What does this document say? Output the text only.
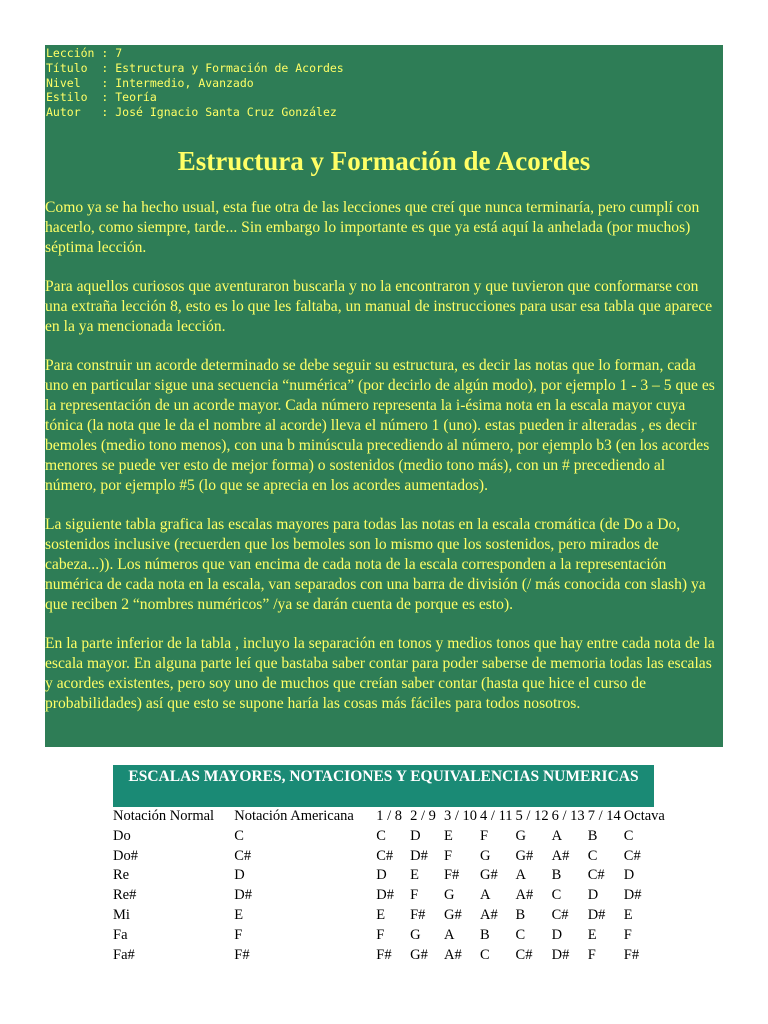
Lección : 7
Título  : Estructura y Formación de Acordes
Nivel   : Intermedio, Avanzado
Estilo  : Teoría
Autor   : José Ignacio Santa Cruz González
Estructura y Formación de Acordes

Como ya se ha hecho usual, esta fue otra de las lecciones que creí que nunca terminaría, pero cumplí con hacerlo, como siempre, tarde... Sin embargo lo importante es que ya está aquí la anhelada (por muchos) séptima lección.

Para aquellos curiosos que aventuraron buscarla y no la encontraron y que tuvieron que conformarse con una extraña lección 8, esto es lo que les faltaba, un manual de instrucciones para usar esa tabla que aparece en la ya mencionada lección.

Para construir un acorde determinado se debe seguir su estructura, es decir las notas que lo forman, cada uno en particular sigue una secuencia “numérica” (por decirlo de algún modo), por ejemplo 1 - 3 – 5 que es la representación de un acorde mayor. Cada número representa la i-ésima nota en la escala mayor cuya tónica (la nota que le da el nombre al acorde) lleva el número 1 (uno). estas pueden ir alteradas , es decir bemoles (medio tono menos), con una b minúscula precediendo al número, por ejemplo b3 (en los acordes menores se puede ver esto de mejor forma) o sostenidos (medio tono más), con un # precediendo al número, por ejemplo #5 (lo que se aprecia en los acordes aumentados).

La siguiente tabla grafica las escalas mayores para todas las notas en la escala cromática (de Do a Do, sostenidos inclusive (recuerden que los bemoles son lo mismo que los sostenidos, pero mirados de cabeza...)). Los números que van encima de cada nota de la escala corresponden a la representación numérica de cada nota en la escala, van separados con una barra de división (/ más conocida con slash) ya que reciben 2 “nombres numéricos” /ya se darán cuenta de porque es esto).

En la parte inferior de la tabla , incluyo la separación en tonos y medios tonos que hay entre cada nota de la escala mayor. En alguna parte leí que bastaba saber contar para poder saberse de memoria todas las escalas y acordes existentes, pero soy uno de muchos que creían saber contar (hasta que hice el curso de probabilidades) así que esto se supone haría las cosas más fáciles para todos nosotros.

ESCALAS MAYORES, NOTACIONES Y EQUIVALENCIAS NUMERICAS
Notación Normal	Notación Americana	1 / 8	2 / 9	3 / 10	4 / 11	5 / 12	6 / 13	7 / 14	Octava
Do	C	C	D	E	F	G	A	B	C
Do#	C#	C#	D#	F	G	G#	A#	C	C#
Re	D	D	E	F#	G#	A	B	C#	D
Re#	D#	D#	F	G	A	A#	C	D	D#
Mi	E	E	F#	G#	A#	B	C#	D#	E
Fa	F	F	G	A	B	C	D	E	F
Fa#	F#	F#	G#	A#	C	C#	D#	F	F#
